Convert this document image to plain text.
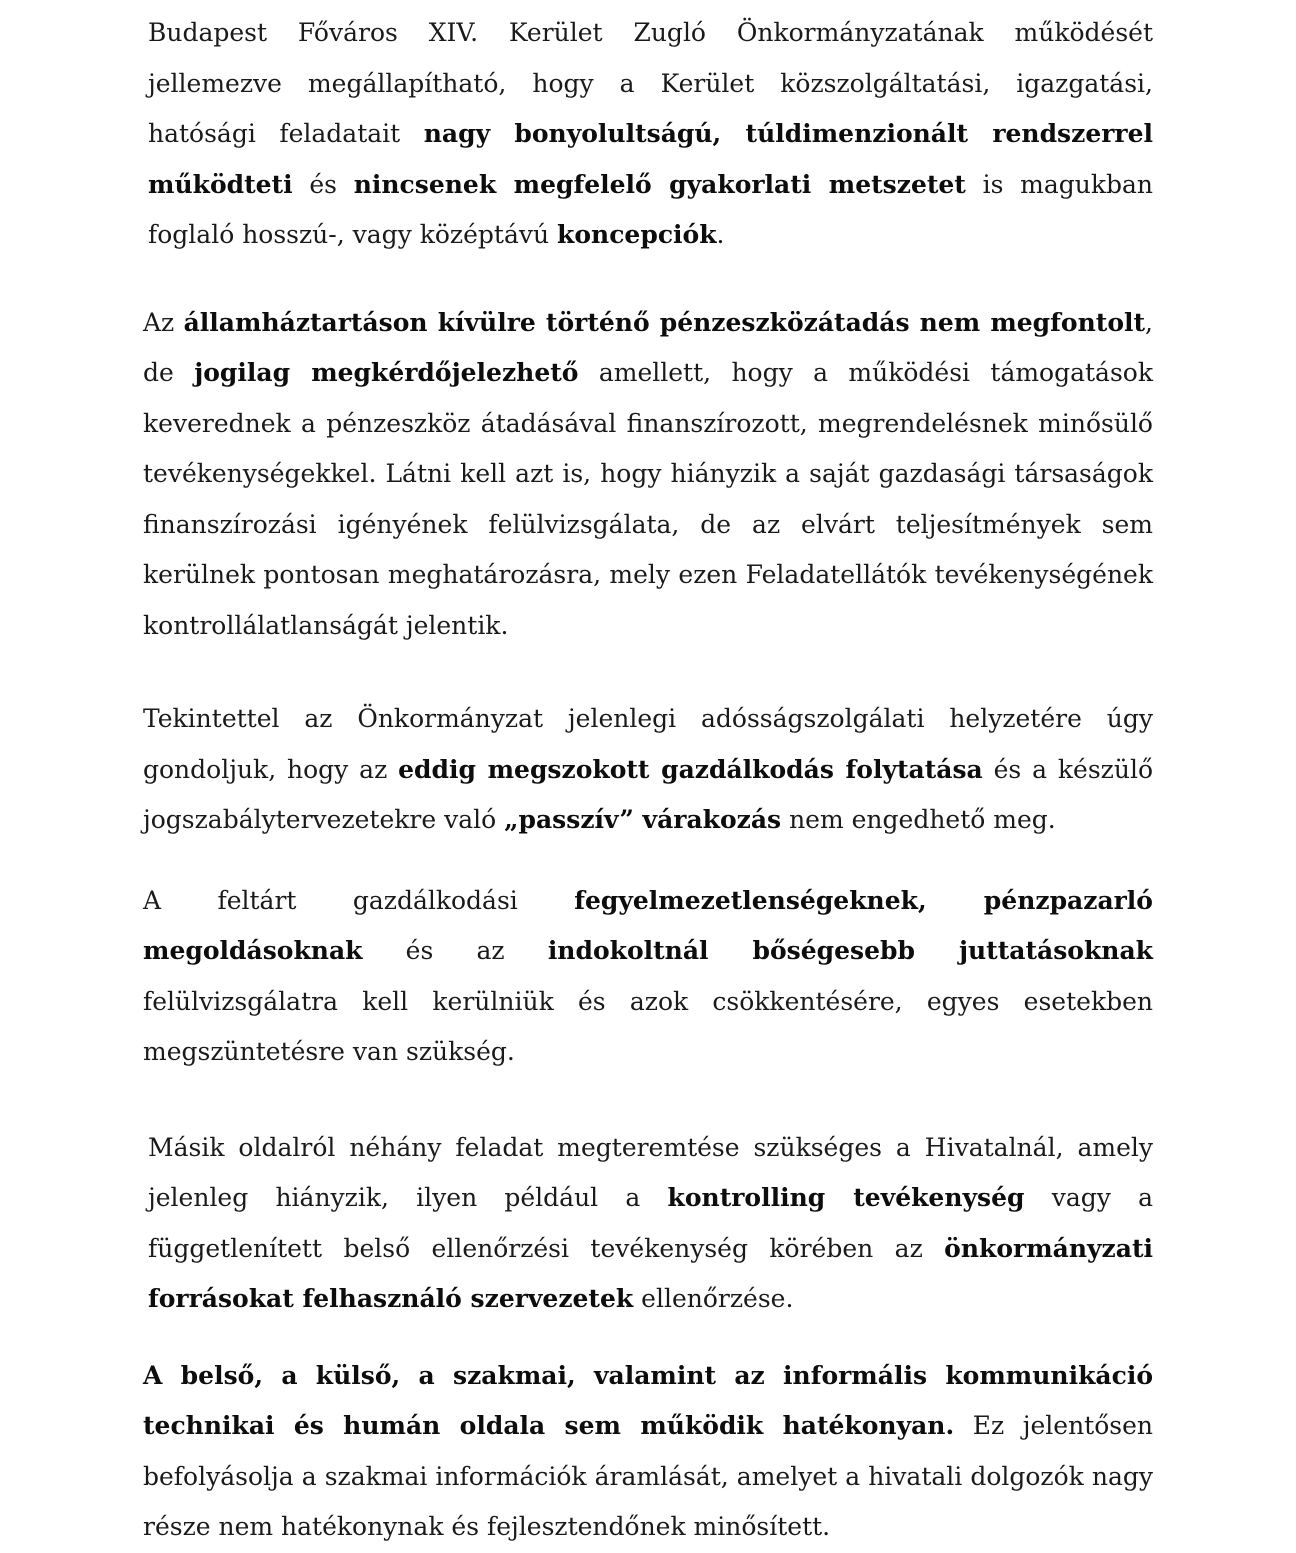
Budapest Főváros XIV. Kerület Zugló Önkormányzatának működését jellemezve megállapítható, hogy a Kerület közszolgáltatási, igazgatási, hatósági feladatait nagy bonyolultságú, túldimenzionált rendszerrel működteti és nincsenek megfelelő gyakorlati metszetet is magukban foglaló hosszú-, vagy középtávú koncepciók.

Az államháztartáson kívülre történő pénzeszközátadás nem megfontolt, de jogilag megkérdőjelezhető amellett, hogy a működési támogatások keverednek a pénzeszköz átadásával finanszírozott, megrendelésnek minősülő tevékenységekkel. Látni kell azt is, hogy hiányzik a saját gazdasági társaságok finanszírozási igényének felülvizsgálata, de az elvárt teljesítmények sem kerülnek pontosan meghatározásra, mely ezen Feladatellátók tevékenységének kontrollálatlanságát jelentik.

Tekintettel az Önkormányzat jelenlegi adósságszolgálati helyzetére úgy gondoljuk, hogy az eddig megszokott gazdálkodás folytatása és a készülő jogszabálytervezetekre való „passzív” várakozás nem engedhető meg.

A feltárt gazdálkodási fegyelmezetlenségeknek, pénzpazarló megoldásoknak és az indokoltnál bőségesebb juttatásoknak felülvizsgálatra kell kerülniük és azok csökkentésére, egyes esetekben megszüntetésre van szükség.

Másik oldalról néhány feladat megteremtése szükséges a Hivatalnál, amely jelenleg hiányzik, ilyen például a kontrolling tevékenység vagy a függetlenített belső ellenőrzési tevékenység körében az önkormányzati forrásokat felhasználó szervezetek ellenőrzése.

A belső, a külső, a szakmai, valamint az informális kommunikáció technikai és humán oldala sem működik hatékonyan. Ez jelentősen befolyásolja a szakmai információk áramlását, amelyet a hivatali dolgozók nagy része nem hatékonynak és fejlesztendőnek minősített.
